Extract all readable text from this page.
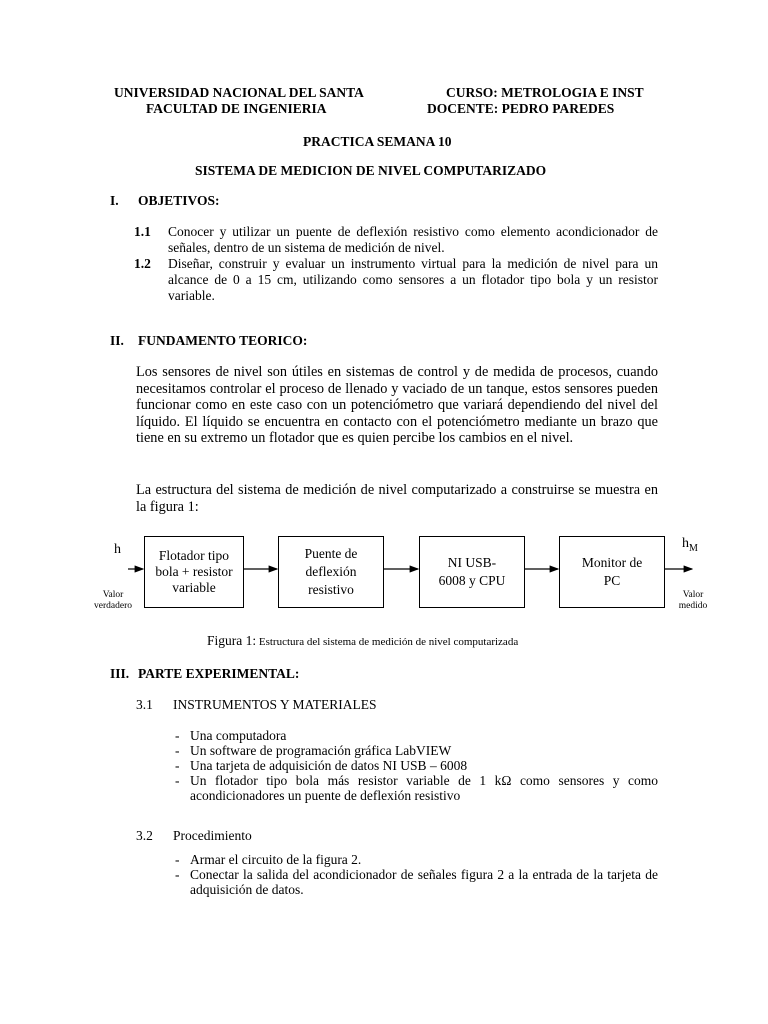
UNIVERSIDAD NACIONAL DEL SANTA
FACULTAD DE INGENIERIA
CURSO: METROLOGIA E INST
DOCENTE: PEDRO PAREDES
PRACTICA SEMANA 10
SISTEMA DE MEDICION DE NIVEL COMPUTARIZADO
I. OBJETIVOS:
1.1 Conocer y utilizar un puente de deflexión resistivo como elemento acondicionador de señales, dentro de un sistema de medición de nivel.
1.2 Diseñar, construir y evaluar un instrumento virtual para la medición de nivel para un alcance de 0 a 15 cm, utilizando como sensores a un flotador tipo bola y un resistor variable.
II. FUNDAMENTO TEORICO:
Los sensores de nivel son útiles en sistemas de control y de medida de procesos, cuando necesitamos controlar el proceso de llenado y vaciado de un tanque, estos sensores pueden funcionar como en este caso con un potenciómetro que variará dependiendo del nivel del líquido. El líquido se encuentra en contacto con el potenciómetro mediante un brazo que tiene en su extremo un flotador que es quien percibe los cambios en el nivel.
La estructura del sistema de medición de nivel computarizado a construirse se muestra en la figura 1:
h
Valor
verdadero
Flotador tipo
bola + resistor
variable
Puente de
deflexión
resistivo
NI USB-
6008 y CPU
Monitor de
PC
$h_M$
Valor
medido
Figura 1: Estructura del sistema de medición de nivel computarizada
III. PARTE EXPERIMENTAL:
3.1 INSTRUMENTOS Y MATERIALES
- Una computadora
- Un software de programación gráfica LabVIEW
- Una tarjeta de adquisición de datos NI USB – 6008
- Un flotador tipo bola más resistor variable de 1 kΩ como sensores y como acondicionadores un puente de deflexión resistivo
3.2 Procedimiento
- Armar el circuito de la figura 2.
- Conectar la salida del acondicionador de señales figura 2 a la entrada de la tarjeta de adquisición de datos.
